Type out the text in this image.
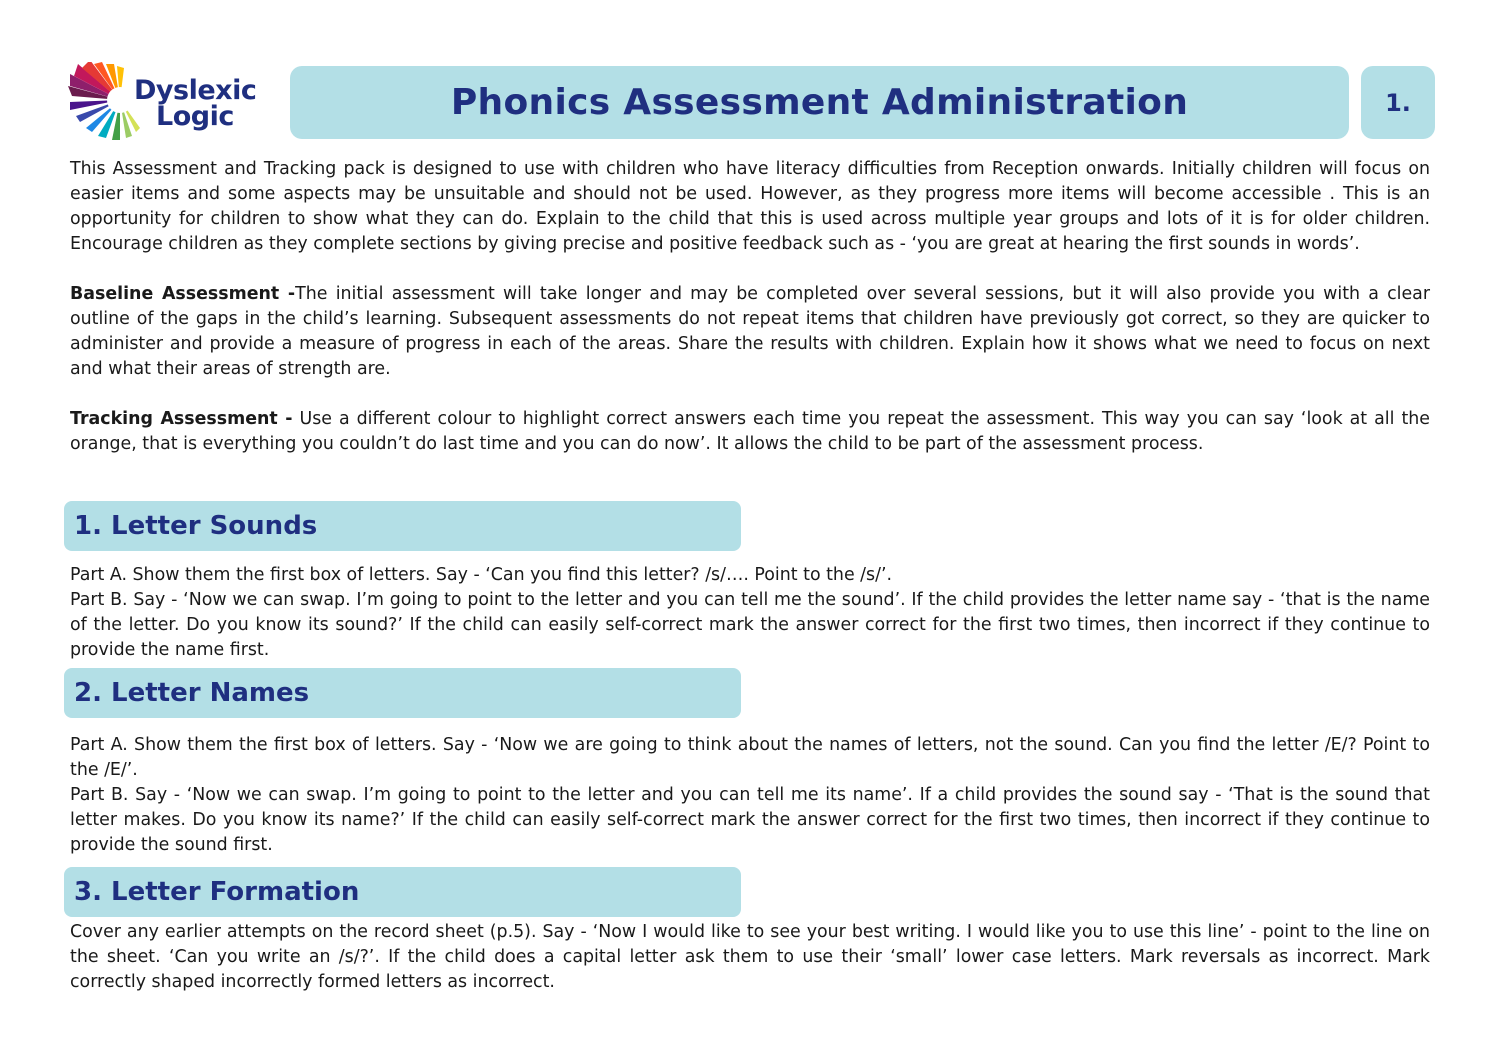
Dyslexic
Logic	Phonics Assessment Administration	1.

This Assessment and Tracking pack is designed to use with children who have literacy difficulties from Reception onwards. Initially children will focus on easier items and some aspects may be unsuitable and should not be used. However, as they progress more items will become accessible . This is an opportunity for children to show what they can do. Explain to the child that this is used across multiple year groups and lots of it is for older children. Encourage children as they complete sections by giving precise and positive feedback such as - ‘you are great at hearing the first sounds in words’.

Baseline Assessment -The initial assessment will take longer and may be completed over several sessions, but it will also provide you with a clear outline of the gaps in the child’s learning. Subsequent assessments do not repeat items that children have previously got correct, so they are quicker to administer and provide a measure of progress in each of the areas. Share the results with children. Explain how it shows what we need to focus on next and what their areas of strength are.

Tracking Assessment - Use a different colour to highlight correct answers each time you repeat the assessment. This way you can say ‘look at all the orange, that is everything you couldn’t do last time and you can do now’. It allows the child to be part of the assessment process.

1. Letter Sounds

Part A. Show them the first box of letters. Say - ‘Can you find this letter? /s/…. Point to the /s/’.

Part B. Say - ‘Now we can swap. I’m going to point to the letter and you can tell me the sound’. If the child provides the letter name say - ‘that is the name of the letter. Do you know its sound?’ If the child can easily self-correct mark the answer correct for the first two times, then incorrect if they continue to provide the name first.

2. Letter Names

Part A. Show them the first box of letters. Say - ‘Now we are going to think about the names of letters, not the sound. Can you find the letter /E/? Point to the /E/’.

Part B. Say - ‘Now we can swap. I’m going to point to the letter and you can tell me its name’. If a child provides the sound say - ‘That is the sound that letter makes. Do you know its name?’ If the child can easily self-correct mark the answer correct for the first two times, then incorrect if they continue to provide the sound first.

3. Letter Formation

Cover any earlier attempts on the record sheet (p.5). Say - ‘Now I would like to see your best writing. I would like you to use this line’ - point to the line on the sheet. ‘Can you write an /s/?’. If the child does a capital letter ask them to use their ‘small’ lower case letters. Mark reversals as incorrect. Mark correctly shaped incorrectly formed letters as incorrect.
